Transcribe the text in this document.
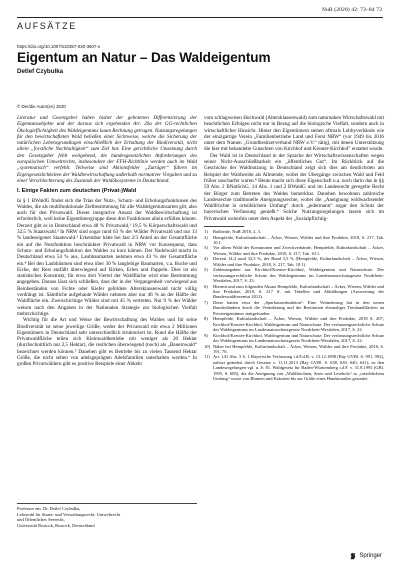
NuR (2020) 42: 73–84 73
AUFSÄTZE
https://doi.org/10.1007/s10357-020-3607-x
Eigentum an Natur – Das Waldeigentum
Detlef Czybulka
© Der/die Autor(en) 2020

Literatur und Gesetzgeber haben bisher der gebotenen Differenzierung der Eigentumsobjekte und der daraus sich ergebenden Art. 20a der GG-rechtlichen Ökologieflichtigkeit des Waldeigentums kaum Rechnung getragen. Nutzungsregelungen für den bewirtschafteten Wald beließen einer Sichtweise, welche die Sicherung der natürlichen Lebensgrundlagen einschließlich der Erhaltung der Biodiversität, nicht allein „forstliche Nachhaltigkeit“ zum Ziel hat. Eine gerichtliche Umsetzung durch den Gesetzgeber fehlt weitgehend, die bundesgesetzlichen Anforderungen des europäischen Umweltrechts, insbesondere der FFH-Richtlinie werden auch im Wald „systematisch“ verfehlt. Teilweise sind Aktionsfelder „Zuträger“ führen im Eigengesetzlichkeiten der Waldbewirtschaftung außerhalb normativer Vorgaben und zu einer Verschlechterung des Zustands der Waldökosysteme in Deutschland.

I. Einige Fakten zum deutschen (Privat-)Wald

In § 1 BWaldG findet sich die Trias der Nutz-, Schutz- und Erholungsfunktionen des Waldes, die als multifunktionale Zielbestimmung für alle Waldeigentumsarten gilt, also auch für den Privatwald. Dieser integrative Ansatz der Waldbewirtschaftung ist erforderlich, weil keine Eigentümergruppe diese drei Funktionen allein erfüllen könnte. Derzeit gibt es in Deutschland etwa 48 % Privatwald,¹ 19,5 % Körperschaftswald und 32,5 % Staatswald.² In NRW sind sogar rund 63 % der Wälder Privatwald und nur 13 % landeseigener Staatswald.³ Erkennbar hätte bei fast 2/3 Anteil an der Gesamtfläche ein auf die Nutzfunktion beschränkter Privatwald in NRW vor Konsequenz, dass Schutz- und Erholungsfunktion des Waldes zu kurz kämen. Der Nadelwald macht in Deutschland etwa 54 % aus, Laubbaumarten nehmen etwa 43 % der Gesamtfläche ein.⁴ Bei den Laubbäumen sind etwa über 30 % langlebige Baumarten, v.a. Buche und Eiche, der Rest entfällt überwiegend auf Birken, Erlen und Pappeln. Dies ist ein statistisches Konstrukt, für etwa drei Viertel der Waldfläche wird eine Bestimmung angegeben. Daraus lässt sich schließen, dass der in der Vergangenheit vorwiegend aus Reinbeständen von Fichte oder Kiefer gebildete Altersklassenwald nicht völlig verdrängt ist. Sämtliche aufgebaute Wälder nehmen aber nur 46 % an der Hälfte der Waldfläche ein. Zweischichtige Wälder sind mit 45 % vertreten. Nur 9 % der Wälder weisen nach den Angaben in der Nationalen Strategie zur biologischen Vielfalt mehrschichtige.

Wichtig für die Art und Weise der Bewirtschaftung des Waldes und für seine Biodiversität ist seine jeweilige Größe, weder der Privatwald mit etwa 2 Millionen Eigentümern in Deutschland sehr unterschiedlich strukturiert ist. Rund die Hälfte der Privatwaldfläche teilen sich Kleinwaldbetriebe mit weniger als 20 Hektar (durchschnittlich nur 2,5 Hektar), die restlichen überwiegend (noch) als „Bauernwald“ bezeichnet werden können.⁵ Daneben gibt es Betriebe bis zu vielen Tausend Hektar Größe, die nicht selten von adelsgeprägten Adelsfamilien unterhalten werden.⁶ In großen Privatwäldern gibt es positive Beispiele einer Abkehr

Professor em. Dr. Detlef Czybulka,
Lehrstuhl für Staats- und Verwaltungsrecht, Umweltrecht
und Öffentliches Seerecht,
Universität Rostock, Rostock, Deutschland

vom schlagweisen Hochwald (Altersklassenwald) zum naturnahen Wirtschaftswald mit beachtlichen Erfolgen nicht nur in Bezug auf die biologische Vielfalt, sondern auch in wirtschaftlicher Hinsicht. Hinter den Eigentümern stehen oftmals Lobbyverbände wie der einzigartige Verein „Familienbetriebe Land und Forst NRW“ (vor 1949 bis 2016 unter dem Namen „Grundbesitzerverband NRW e.V.“ tätig), mit denen Unterstützung die hier mit behandelte Gutachten von Kirchhof und Kreuter-Kirchhof⁷ erstattet wurde.

Der Wald ist in Deutschland in der Sprache der Wirtschaftswissenschaften wegen seiner Nicht-Ausschließbarkeit ein „öffentliches Gut“. Im Rückblick auf die Geschichte der Waldnutzung in Deutschland zeigt sich dies am deutlichsten am Beispiel der Waldweide als Allmende, wobei der Übergänge zwischen Wald und Feld früher unscharfer waren.⁸ Heute macht sich diese Eigenschaft u.a. noch darin das in §§ 59 Abs. 2 BNatSchG, 14 Abs. 1 und 2 BWaldG und im Landesrecht geregelte Recht der Bürger zum Betreten des Waldes bemerkbar. Daneben bewohnen zahlreiche Landesrechte traditionelle Aneignungsrechte, wobei die „Aneignung wildwachsender Waldfrüchte in ortsüblichem Umfang“ durch „jedermann“ sogar den Schutz der bayerischen Verfassung genießt.⁹ Solche Nutzungsregelungen lassen sich im Privatwald weiterhin unter dem Aspekt der „Sozialpflichtig-

1)	Rohbeale, NuR 2018, 2, 3.
2)	Hempfelde, Kulturlandschaft – Äcker, Wiesen, Wälder und ihre Produkte, 2018, S. 217, Tab. 10.1.
3)	Vor allem Wald der Kommunen und Zweckverbände, Hempfelde, Kulturlandschaft – Äcker, Wiesen, Wälder und ihre Produkte, 2018, S. 217, Tab. 10.1.
4)	Derzeit 14,4 rund 32,5 %, der Bund 3,5 % (Hempfelde, Kulturlandschaft – Äcker, Wiesen, Wälder und ihre Produkte, 2018, S. 217, Tab. 10.1).
5)	Zahlenangaben aus Kirchhof/Kreuter-Kirchhof, Waldeigentum und Naturschutz: Der verfassungsrechtliche Schutz des Waldeigentums im Landesnaturschutzgesetz Nordrhein-Westfalen, 2017, S. 23.
6)	Hiermit und zum folgenden Absatz Hempfelde, Kulturlandschaft – Äcker, Wiesen, Wälder und ihre Produkte, 2018, S. 217 ff. mit Tabellen und Abbildungen (Auswertung der Bundeswaldinventur 2012).
7)	Diese hatten etwa der „Sparkassenfunktion“. Eine Veränderung hat in den neuen Bundesländern durch die Veräußerung und die Restitution ehemaliger Treuhandflächen an Privateigentümer stattgefunden.
8)	Hempfelde, Kulturlandschaft – Äcker, Wiesen, Wälder und ihre Produkte, 2018 S. 207; Kirchhof/Kreuter-Kirchhof, Waldeigentum und Naturschutz: Der verfassungsrechtliche Schutz des Waldeigentums im Landesnaturschutzgesetz Nordrhein-Westfalen, 2017, S. 22.
9)	Kirchhof/Kreuter-Kirchhof, Waldeigentum und Naturschutz: Der verfassungsrechtliche Schutz des Waldeigentums im Landesnaturschutzgesetz Nordrhein-Westfalen, 2017, S. 22.
10) Näher bei Hempfelde, Kulturlandschaft – Äcker, Wiesen, Wälder und ihre Produkte, 2018, S. 191, 76.
11) Art. 141 Abs. 3 S. 1 Bayerische Verfassung i.d.F.d.B. v. 15.12.1998 (Bay GVBl. S. 991, 992), zuletzt geändert durch Gesetze v. 11.11.2013 (Bay GVBl. S. 638, 639, 640, 641); zu den Landesregelungen vgl. u. S. 81. Waldgesetz für Baden-Württemberg i.d.F. v. 31.8.1995 (GBl. 1995, S. 685), die die Aneignung von „Waldfrüchten, Streu und Leseholz“ in „ortsüblichem Umfang“ sowie von Blumen und Kräutern bis zur Größe eines Handstraußes gestattet.
Springer
